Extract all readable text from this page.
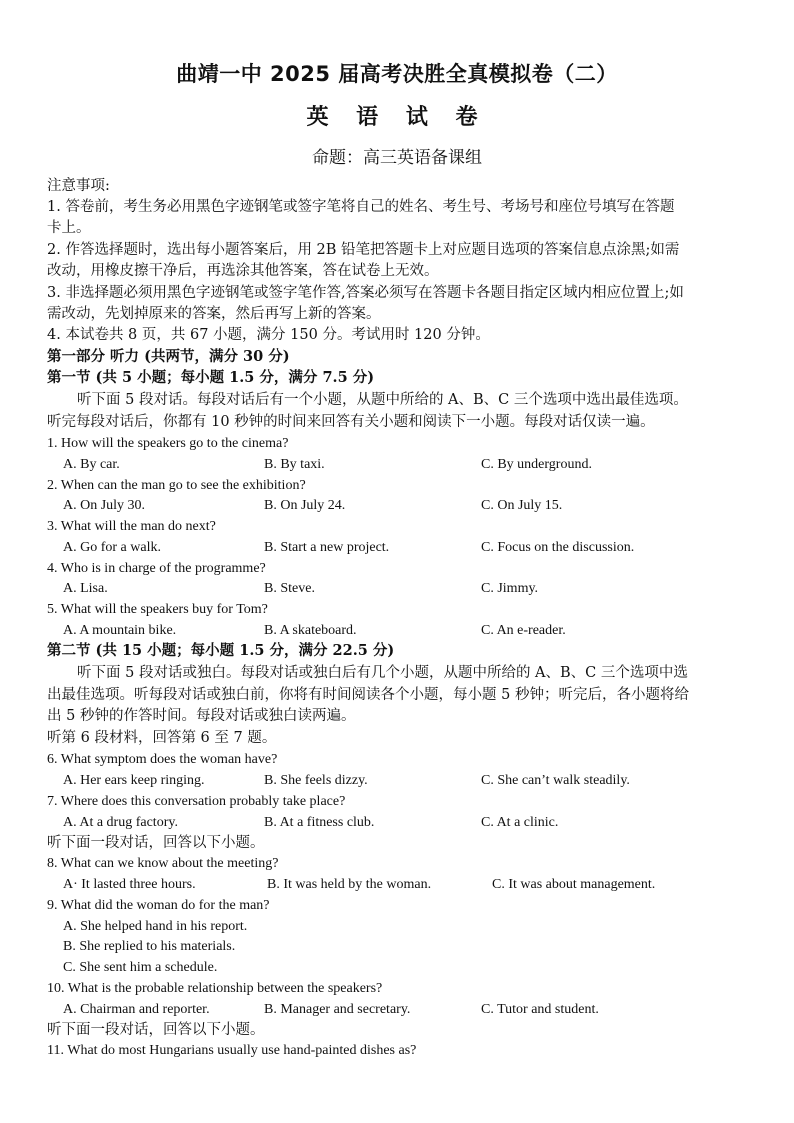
曲靖一中 2025 届高考决胜全真模拟卷（二）
英 语 试 卷
命题：高三英语备课组
注意事项:
1. 答卷前，考生务必用黑色字迹钢笔或签字笔将自己的姓名、考生号、考场号和座位号填写在答题
卡上。
2. 作答选择题时，选出每小题答案后，用 2B 铅笔把答题卡上对应题目选项的答案信息点涂黑;如需
改动，用橡皮擦干净后，再选涂其他答案，答在试卷上无效。
3. 非选择题必须用黑色字迹钢笔或签字笔作答,答案必须写在答题卡各题目指定区域内相应位置上;如
需改动，先划掉原来的答案，然后再写上新的答案。
4. 本试卷共 8 页，共 67 小题，满分 150 分。考试用时 120 分钟。
第一部分 听力 (共两节，满分 30 分)
第一节 (共 5 小题；每小题 1.5 分，满分 7.5 分)
听下面 5 段对话。每段对话后有一个小题，从题中所给的 A、B、C 三个选项中选出最佳选项。
听完每段对话后，你都有 10 秒钟的时间来回答有关小题和阅读下一小题。每段对话仅读一遍。
1. How will the speakers go to the cinema?
A. By car.	B. By taxi.	C. By underground.
2. When can the man go to see the exhibition?
A. On July 30.	B. On July 24.	C. On July 15.
3. What will the man do next?
A. Go for a walk.	B. Start a new project.	C. Focus on the discussion.
4. Who is in charge of the programme?
A. Lisa.	B. Steve.	C. Jimmy.
5. What will the speakers buy for Tom?
A. A mountain bike.	B. A skateboard.	C. An e-reader.
第二节 (共 15 小题；每小题 1.5 分，满分 22.5 分)
听下面 5 段对话或独白。每段对话或独白后有几个小题，从题中所给的 A、B、C 三个选项中选
出最佳选项。听每段对话或独白前，你将有时间阅读各个小题，每小题 5 秒钟；听完后，各小题将给
出 5 秒钟的作答时间。每段对话或独白读两遍。
听第 6 段材料，回答第 6 至 7 题。
6. What symptom does the woman have?
A. Her ears keep ringing.	B. She feels dizzy.	C. She can’t walk steadily.
7. Where does this conversation probably take place?
A. At a drug factory.	B. At a fitness club.	C. At a clinic.
听下面一段对话，回答以下小题。
8. What can we know about the meeting?
A· It lasted three hours.	B. It was held by the woman.	C. It was about management.
9. What did the woman do for the man?
A. She helped hand in his report.
B. She replied to his materials.
C. She sent him a schedule.
10. What is the probable relationship between the speakers?
A. Chairman and reporter.	B. Manager and secretary.	C. Tutor and student.
听下面一段对话，回答以下小题。
11. What do most Hungarians usually use hand-painted dishes as?
